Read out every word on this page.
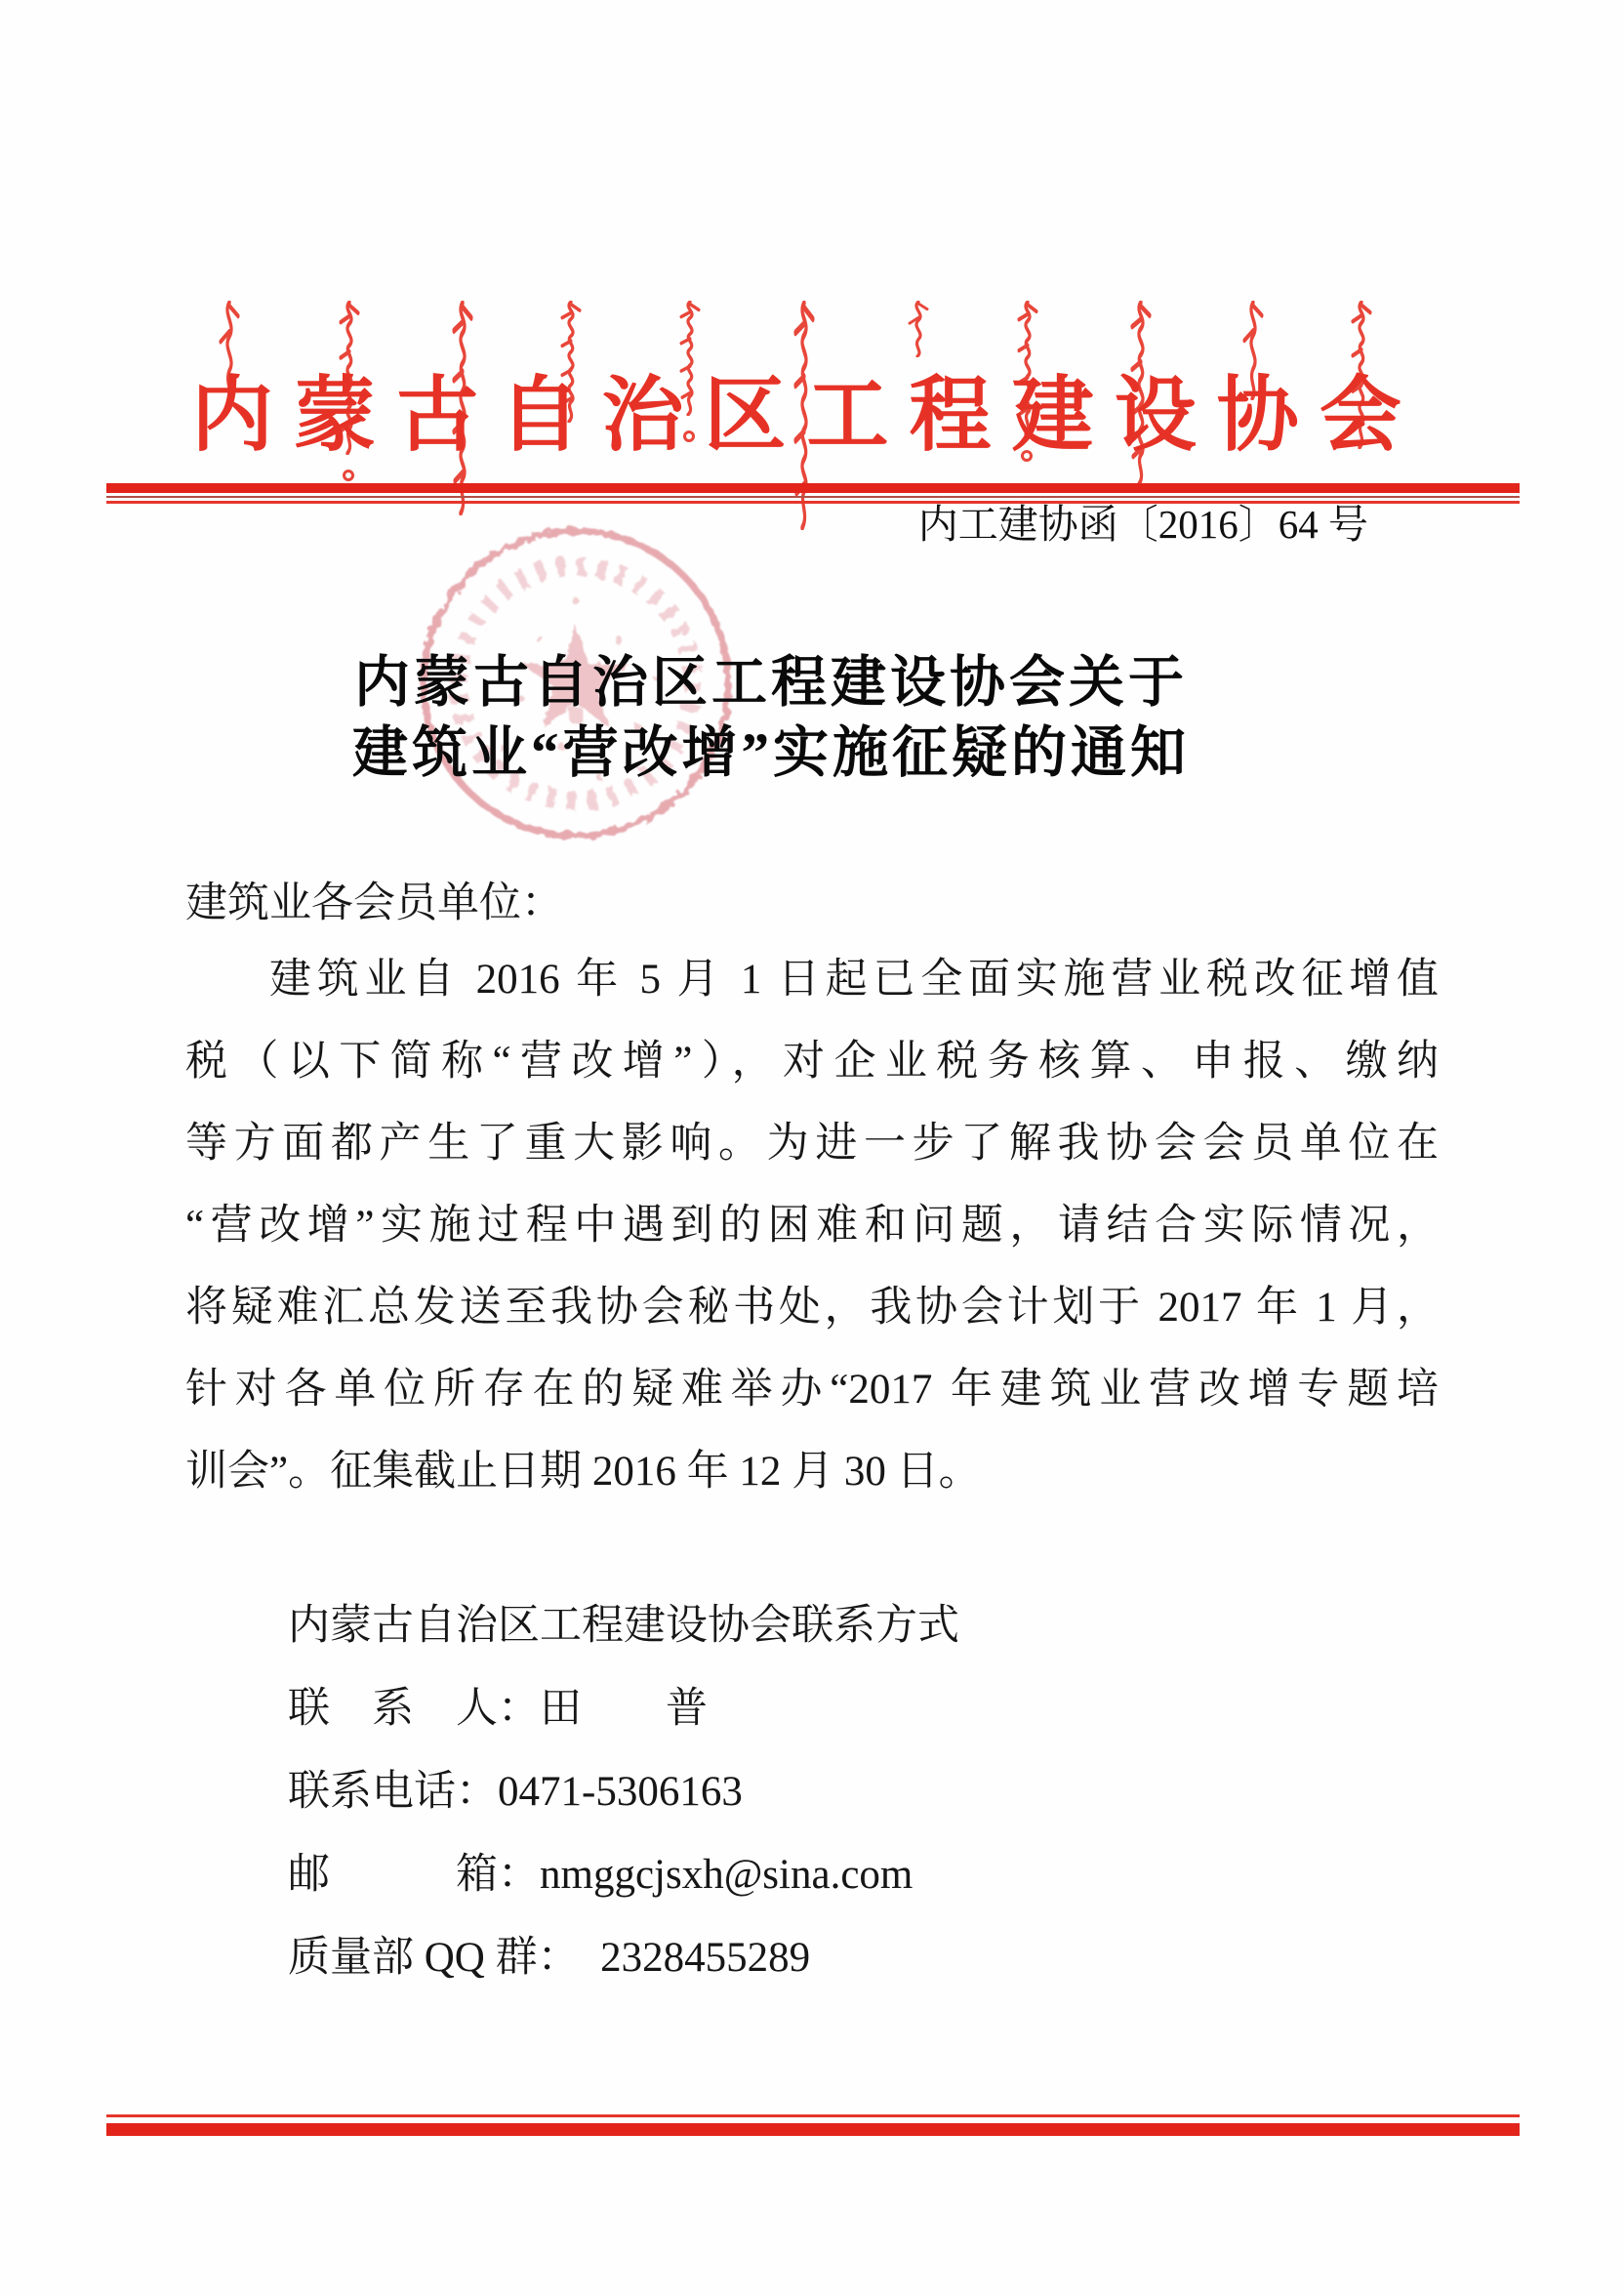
内 蒙 古 自 治 区 工 程 建 设 协 会
内工建协函〔2016〕64 号
内蒙古自治区工程建设协会关于
建筑业“营改增”实施征疑的通知
建筑业各会员单位：
建筑业自 2016 年 5 月 1 日起已全面实施营业税改征增值
税（以下简称“营改增”），对企业税务核算、申报、缴纳
等方面都产生了重大影响。为进一步了解我协会会员单位在
“营改增”实施过程中遇到的困难和问题，请结合实际情况，
将疑难汇总发送至我协会秘书处，我协会计划于 2017 年 1 月，
针对各单位所存在的疑难举办“2017 年建筑业营改增专题培
训会”。征集截止日期 2016 年 12 月 30 日。
内蒙古自治区工程建设协会联系方式
联　系　人：田　　普
联系电话：0471-5306163
邮　　　箱：nmggcjsxh@sina.com
质量部 QQ 群：　2328455289
